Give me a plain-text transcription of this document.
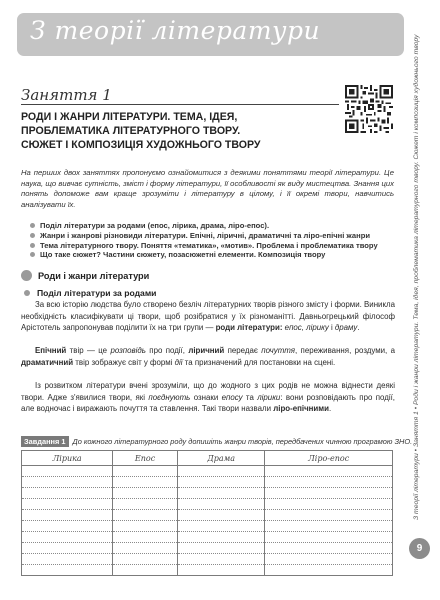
З теорії літератури
Заняття 1
РОДИ І ЖАНРИ ЛІТЕРАТУРИ. ТЕМА, ІДЕЯ,
ПРОБЛЕМАТИКА ЛІТЕРАТУРНОГО ТВОРУ.
СЮЖЕТ І КОМПОЗИЦІЯ ХУДОЖНЬОГО ТВОРУ
На перших двох заняттях пропонуємо ознайомитися з деякими поняттями теорії літератури. Це наука, що вивчає сутність, зміст і форму літератури, її особливості як виду мистецтва. Знання цих понять допоможе вам краще зрозуміти і літературу в цілому, і її окремі твори, навчитись аналізувати їх.
Поділ літератури за родами (епос, лірика, драма, ліро-епос).
Жанри і жанрові різновиди літератури. Епічні, ліричні, драматичні та ліро-епічні жанри
Тема літературного твору. Поняття «тематика», «мотив». Проблема і проблематика твору
Що таке сюжет? Частини сюжету, позасюжетні елементи. Композиція твору
Роди і жанри літератури
Поділ літератури за родами
За всю історію людства було створено безліч літературних творів різного змісту і форми. Виникла необхідність класифікувати ці твори, щоб розібратися у їх різноманітті. Давньогрецький філософ Арістотель запропонував поділити їх на три групи — роди літератури: епос, лірику і драму.
Епічний твір — це розповідь про події, ліричний передає почуття, переживання, роздуми, а драматичний твір зображує світ у формі дії та призначений для постановки на сцені.
Із розвитком літератури вчені зрозуміли, що до жодного з цих родів не можна віднести деякі твори. Адже з'явилися твори, які поєднують ознаки епосу та лірики: вони розповідають про події, але водночас і виражають почуття та ставлення. Такі твори назвали ліро-епічними.
Завдання 1 До кожного літературного роду допишіть жанри творів, передбачених чинною програмою ЗНО.
Лірика	Епос	Драма	Ліро-епос

				З теорії літератури • Заняття 1 • Роди і жанри літератури. Тема, ідея, проблематика літературного твору. Сюжет і композиція художнього твору
9
